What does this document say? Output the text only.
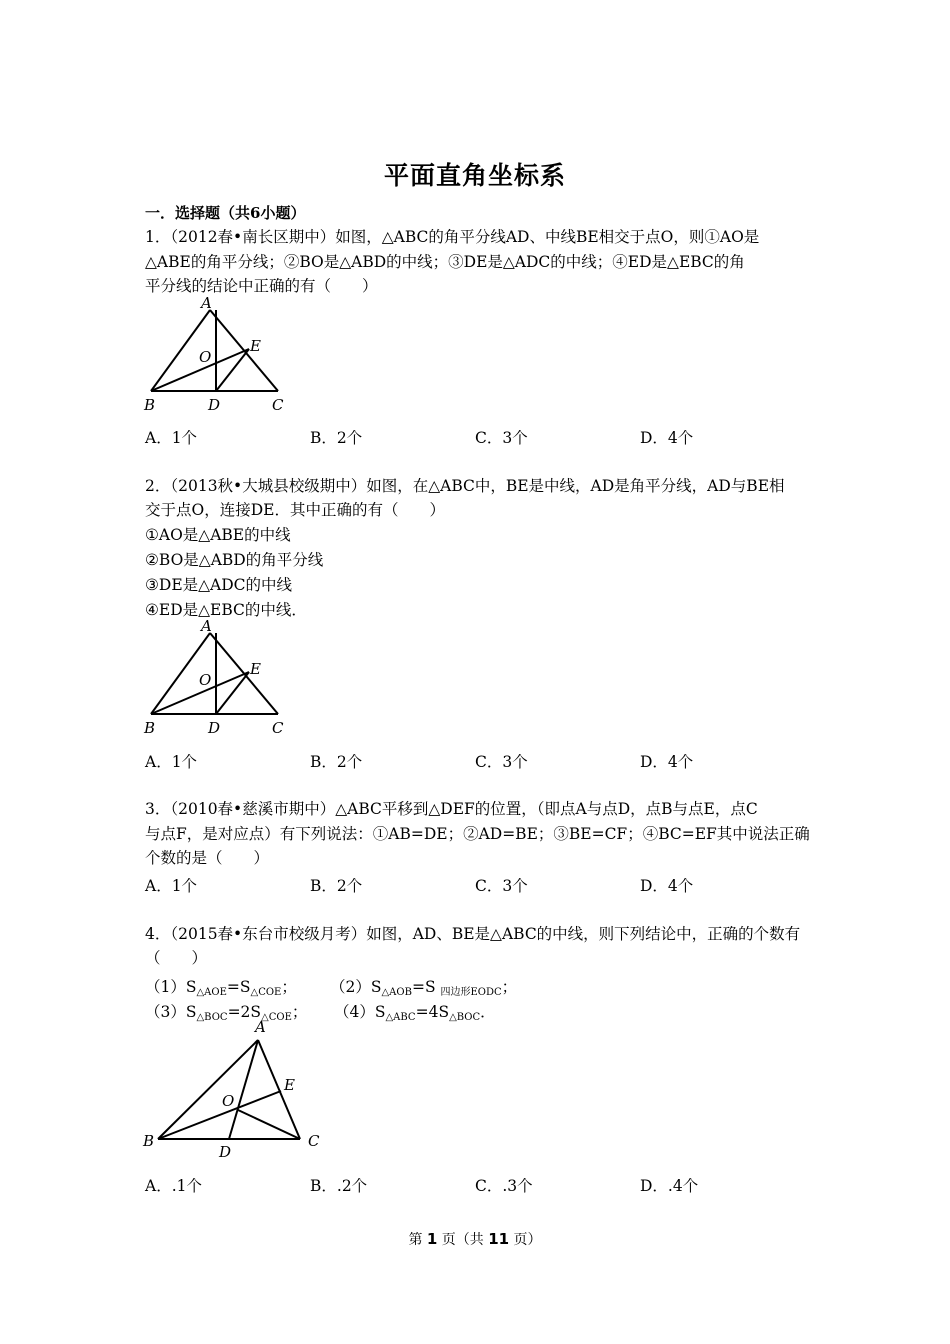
平面直角坐标系
一．选择题（共6小题）
1．（2012春•南长区期中）如图，△ABC的角平分线AD、中线BE相交于点O，则①AO是
△ABE的角平分线；②BO是△ABD的中线；③DE是△ADC的中线；④ED是△EBC的角
平分线的结论中正确的有（　　）
A
B	C
D
E
O
A．1个	B．2个	C．3个	D．4个
2．（2013秋•大城县校级期中）如图，在△ABC中，BE是中线，AD是角平分线，AD与BE相
交于点O，连接DE．其中正确的有（　　）
①AO是△ABE的中线
②BO是△ABD的角平分线
③DE是△ADC的中线
④ED是△EBC的中线．
A
B	C
D
E
O
A．1个	B．2个	C．3个	D．4个
3．（2010春•慈溪市期中）△ABC平移到△DEF的位置，（即点A与点D，点B与点E，点C
与点F，是对应点）有下列说法：①AB=DE；②AD=BE；③BE=CF；④BC=EF其中说法正确
个数的是（　　）
A．1个	B．2个	C．3个	D．4个
4．（2015春•东台市校级月考）如图，AD、BE是△ABC的中线，则下列结论中，正确的个数有
（　　）
$(1)S_{\triangle AOE}=S_{\triangle COE}$； $(2)S_{\triangle AOB}=S$ $_{四边形EODC}$；
$(3)S_{\triangle BOC}=2S_{\triangle COE}$； $(4)S_{\triangle ABC}=4S_{\triangle BOC}$．
A
B	C
D
E
O
A．.1个	B．.2个	C．.3个	D．.4个
第 1 页（共 11 页）
